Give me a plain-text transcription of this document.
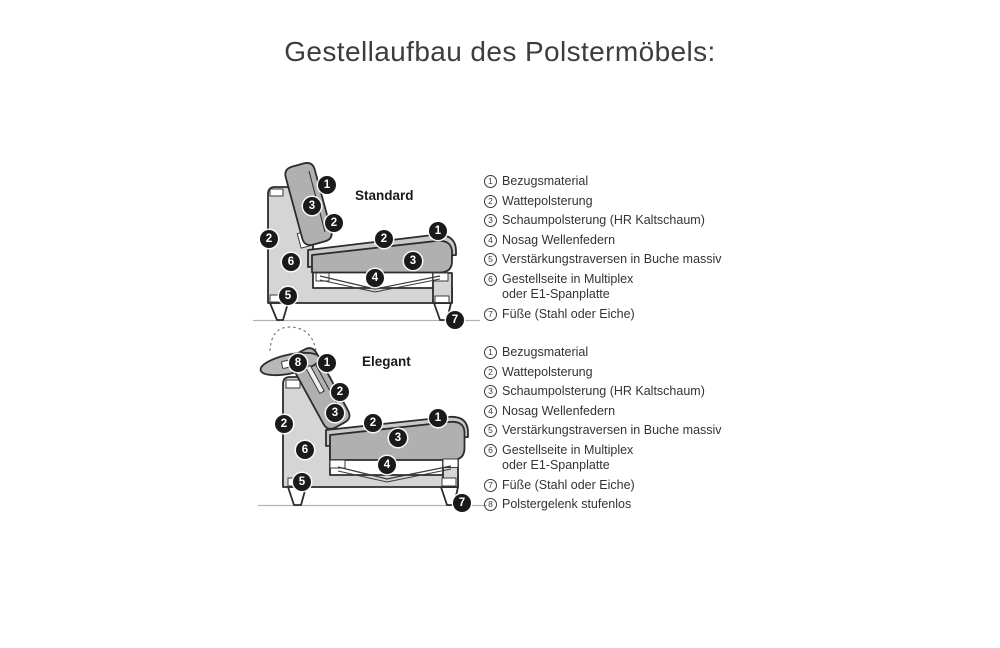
Gestellaufbau des Polstermöbels:
Standard
1
3
2
2
6
5
2
1
3
4
7
1 Bezugsmaterial
2 Wattepolsterung
3 Schaumpolsterung (HR Kaltschaum)
4 Nosag Wellenfedern
5 Verstärkungstraversen in Buche massiv
6 Gestellseite in Multiplex
oder E1-Spanplatte
7 Füße (Stahl oder Eiche)
Elegant
8	1
2
3
2
6
5
2	1
3
4
7
1 Bezugsmaterial
2 Wattepolsterung
3 Schaumpolsterung (HR Kaltschaum)
4 Nosag Wellenfedern
5 Verstärkungstraversen in Buche massiv
6 Gestellseite in Multiplex
oder E1-Spanplatte
7 Füße (Stahl oder Eiche)
8 Polstergelenk stufenlos
